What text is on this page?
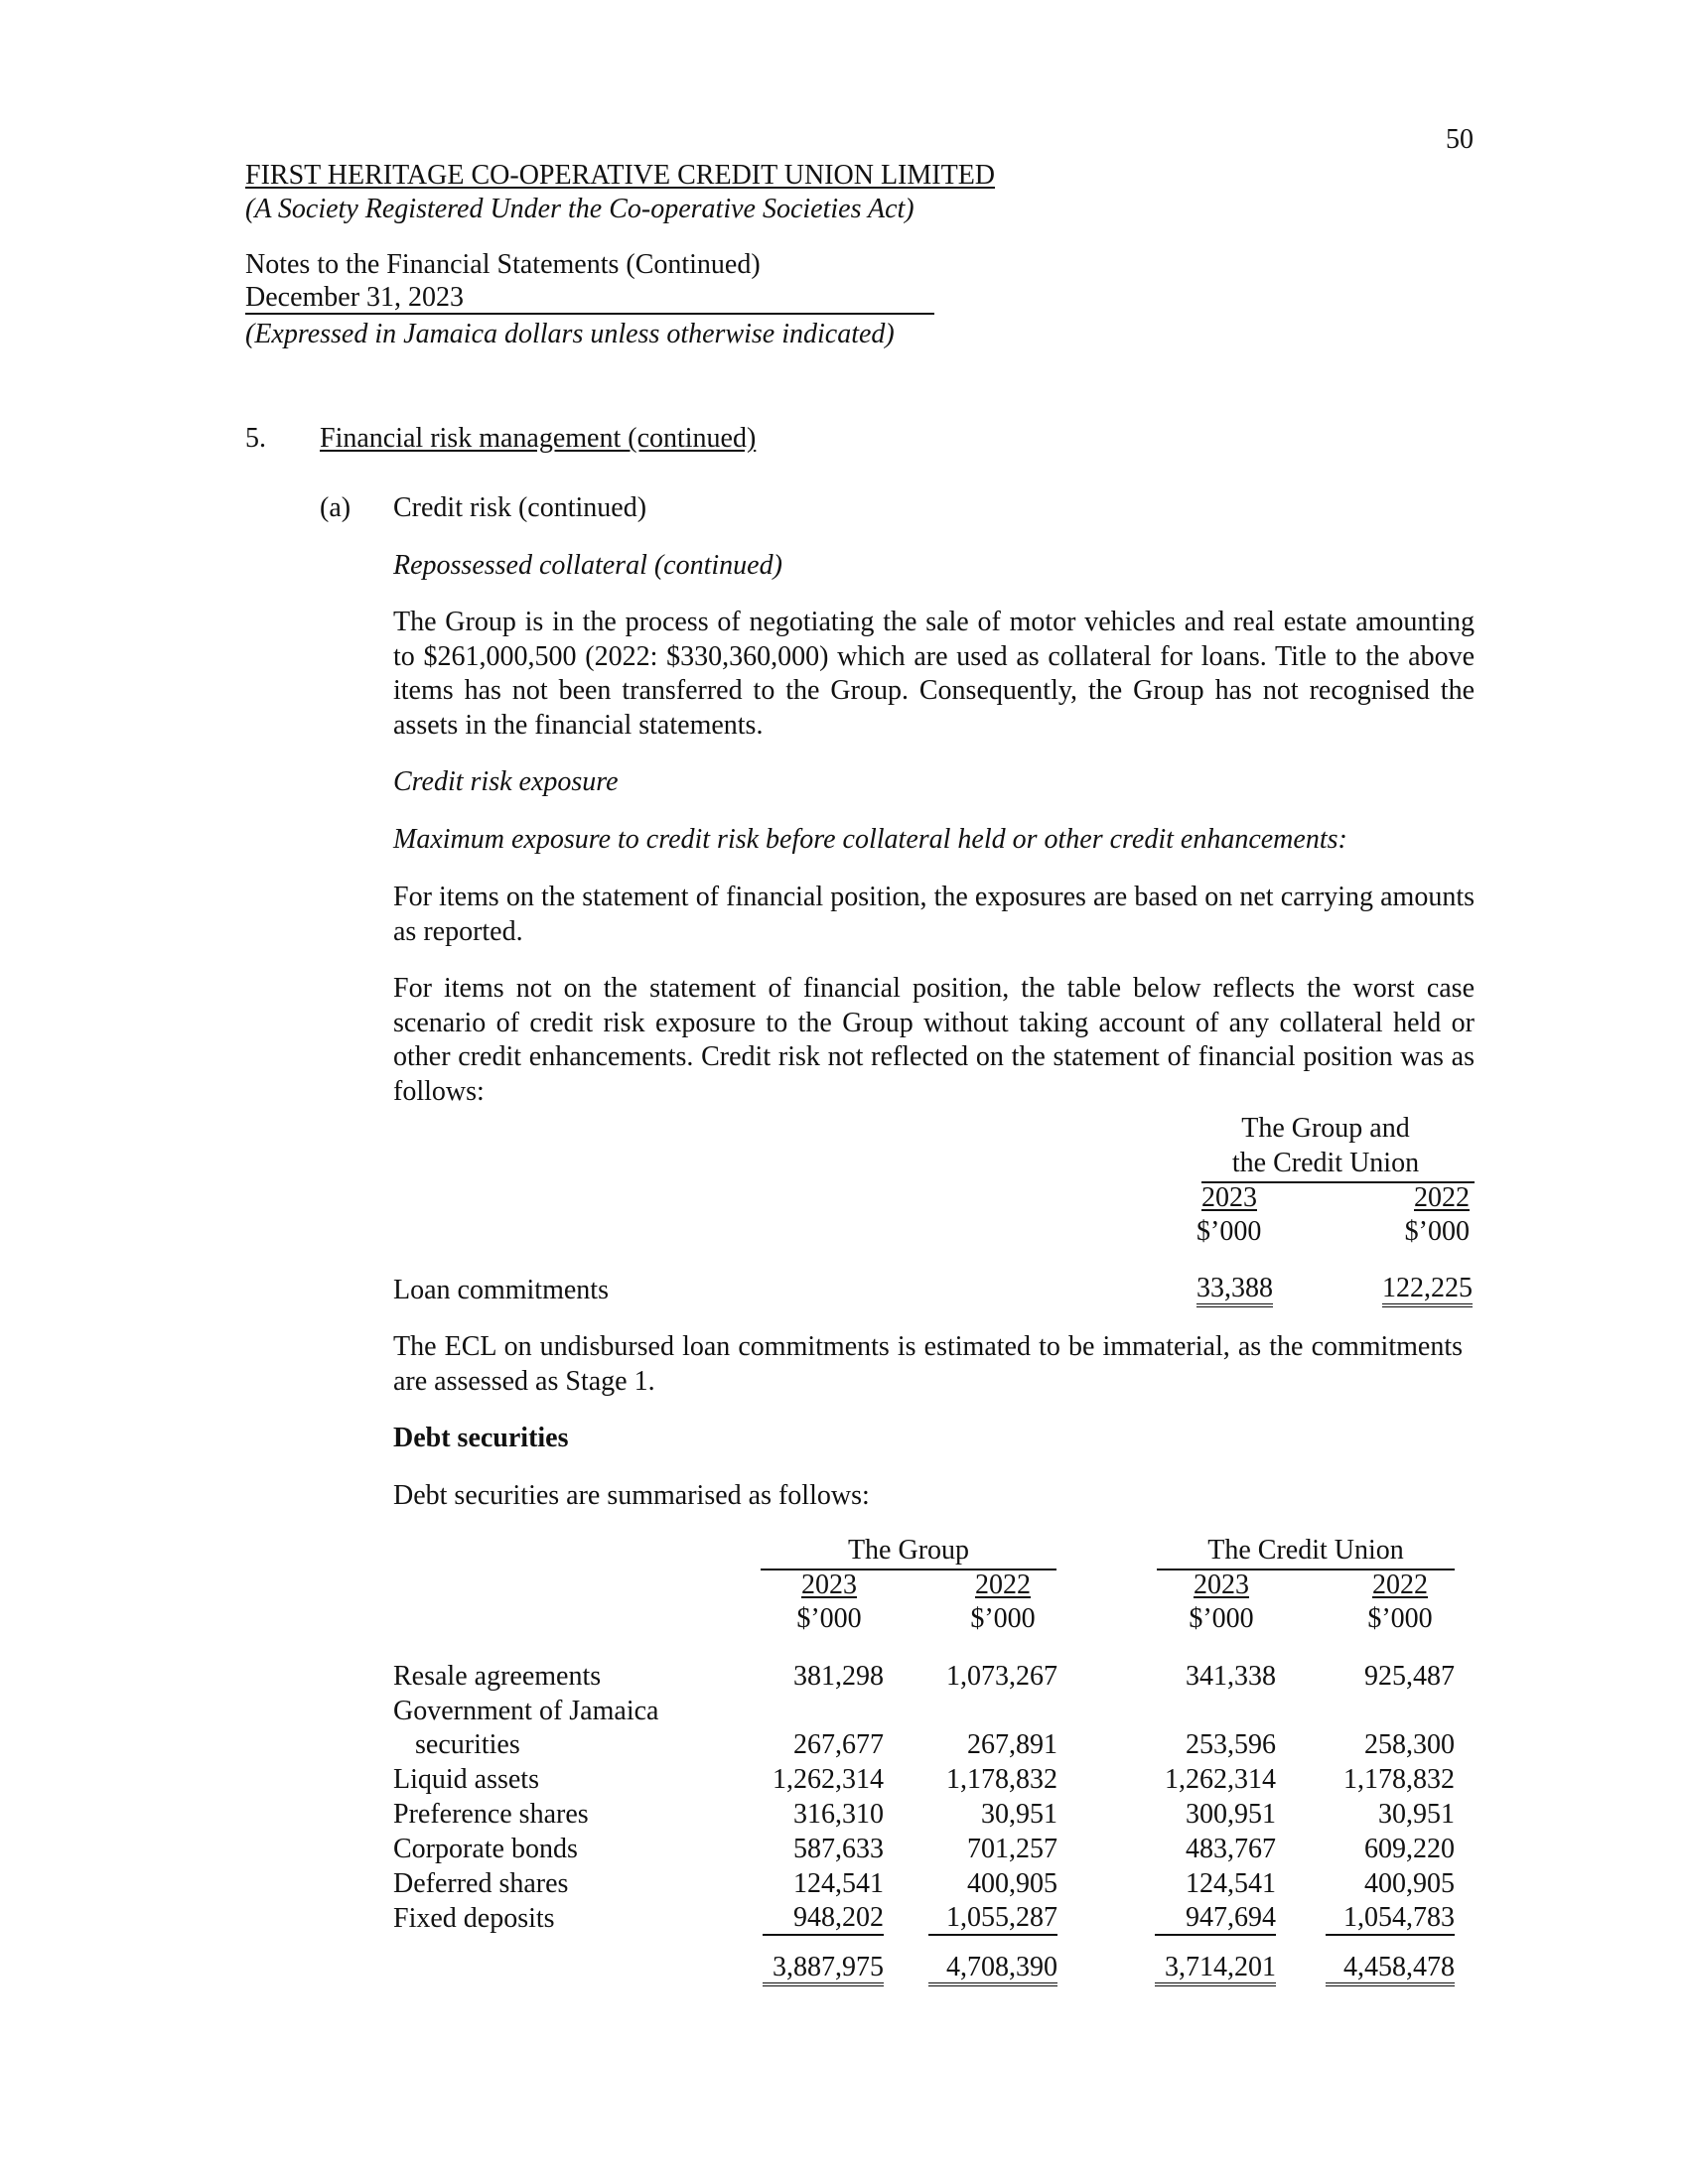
50
FIRST HERITAGE CO-OPERATIVE CREDIT UNION LIMITED
(A Society Registered Under the Co-operative Societies Act)
Notes to the Financial Statements (Continued)
December 31, 2023
(Expressed in Jamaica dollars unless otherwise indicated)
5. Financial risk management (continued)
(a) Credit risk (continued)
Repossessed collateral (continued)
The Group is in the process of negotiating the sale of motor vehicles and real estate amounting to $261,000,500 (2022: $330,360,000) which are used as collateral for loans. Title to the above items has not been transferred to the Group. Consequently, the Group has not recognised the assets in the financial statements.
Credit risk exposure
Maximum exposure to credit risk before collateral held or other credit enhancements:
For items on the statement of financial position, the exposures are based on net carrying amounts as reported.
For items not on the statement of financial position, the table below reflects the worst case scenario of credit risk exposure to the Group without taking account of any collateral held or other credit enhancements. Credit risk not reflected on the statement of financial position was as follows:
The Group and
the Credit Union
2023	2022
$’000	$’000
Loan commitments	33,388	122,225
The ECL on undisbursed loan commitments is estimated to be immaterial, as the commitments are assessed as Stage 1.
Debt securities
Debt securities are summarised as follows:
The Group	The Credit Union
2023	2022	2023	2022
$’000	$’000	$’000	$’000
Resale agreements	381,298	1,073,267	341,338	925,487
Government of Jamaica
securities	267,677	267,891	253,596	258,300
Liquid assets	1,262,314	1,178,832	1,262,314	1,178,832
Preference shares	316,310	30,951	300,951	30,951
Corporate bonds	587,633	701,257	483,767	609,220
Deferred shares	124,541	400,905	124,541	400,905
Fixed deposits	948,202	1,055,287	947,694	1,054,783
3,887,975	4,708,390	3,714,201	4,458,478
